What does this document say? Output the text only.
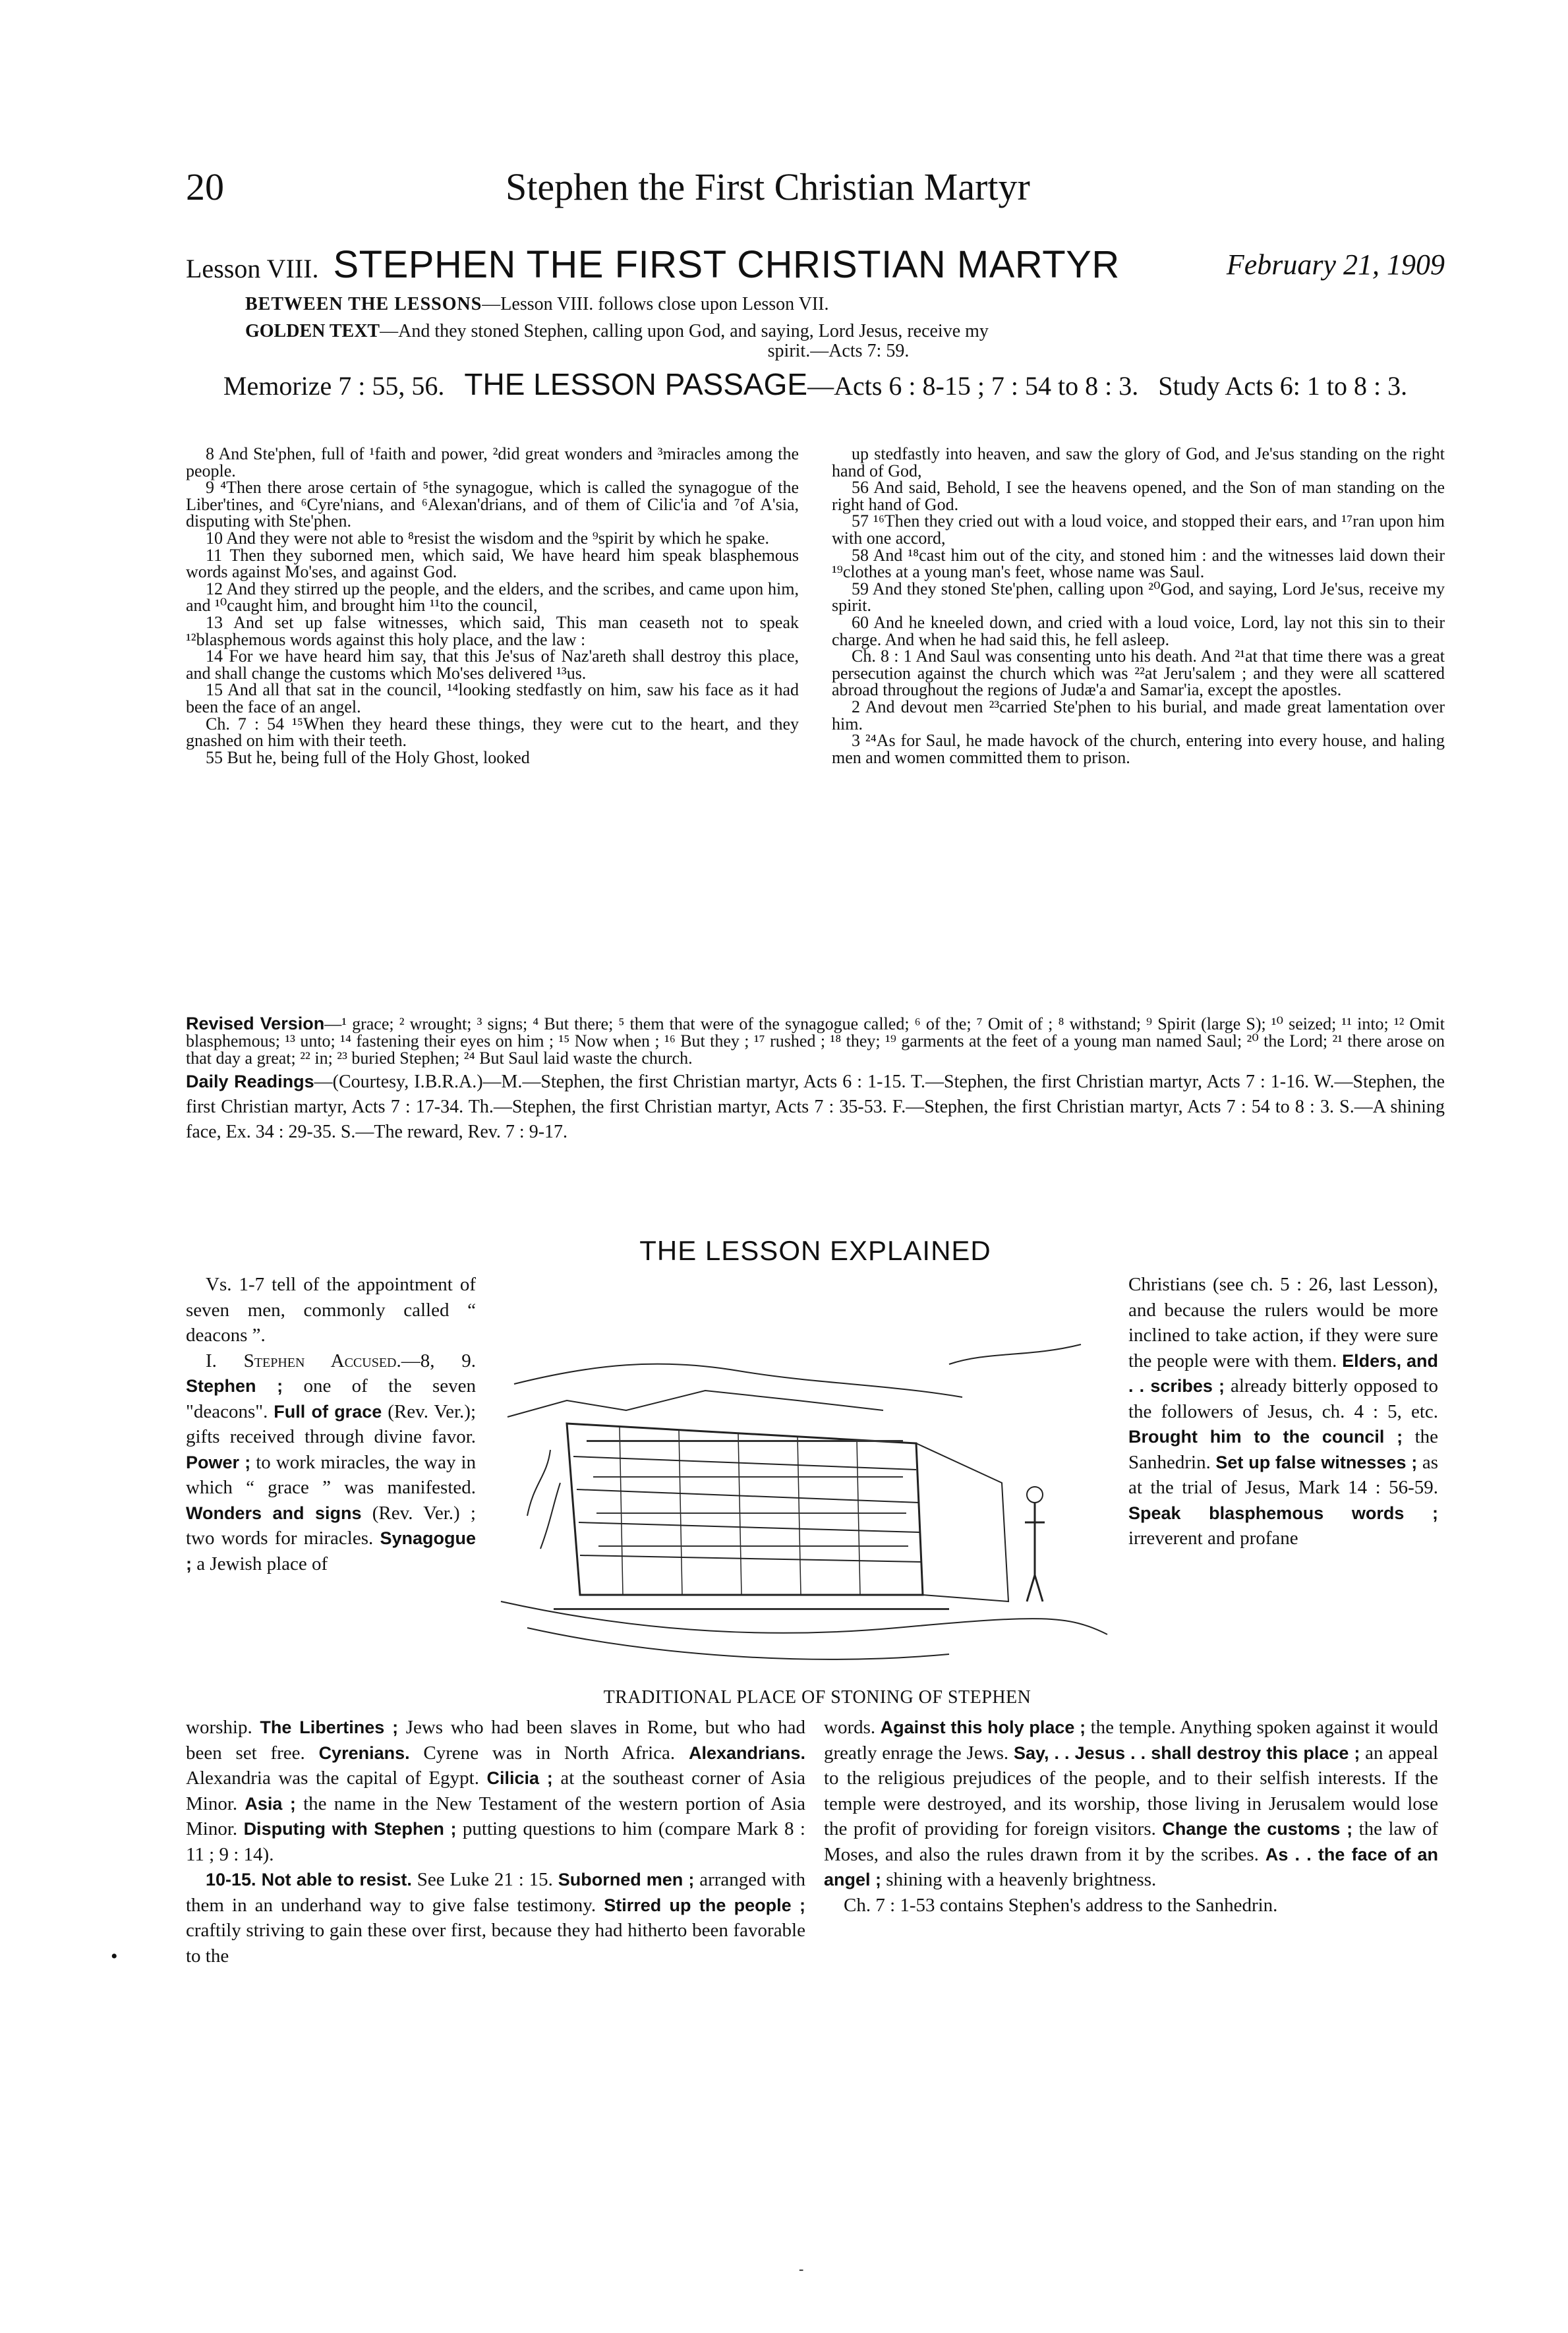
20	Stephen the First Christian Martyr
Lesson VIII. STEPHEN THE FIRST CHRISTIAN MARTYR	February 21, 1909
BETWEEN THE LESSONS—Lesson VIII. follows close upon Lesson VII.
GOLDEN TEXT—And they stoned Stephen, calling upon God, and saying, Lord Jesus, receive my
spirit.—Acts 7: 59.
Memorize 7 : 55, 56. THE LESSON PASSAGE—Acts 6 : 8-15 ; 7 : 54 to 8 : 3. Study Acts 6: 1 to 8 : 3.

8 And Ste'phen, full of ¹faith and power, ²did great wonders and ³miracles among the people.

9 ⁴Then there arose certain of ⁵the synagogue, which is called the synagogue of the Liber'tines, and ⁶Cyre'nians, and ⁶Alexan'drians, and of them of Cilic'ia and ⁷of A'sia, disputing with Ste'phen.

10 And they were not able to ⁸resist the wisdom and the ⁹spirit by which he spake.

11 Then they suborned men, which said, We have heard him speak blasphemous words against Mo'ses, and against God.

12 And they stirred up the people, and the elders, and the scribes, and came upon him, and ¹⁰caught him, and brought him ¹¹to the council,

13 And set up false witnesses, which said, This man ceaseth not to speak ¹²blasphemous words against this holy place, and the law :

14 For we have heard him say, that this Je'sus of Naz'areth shall destroy this place, and shall change the customs which Mo'ses delivered ¹³us.

15 And all that sat in the council, ¹⁴looking stedfastly on him, saw his face as it had been the face of an angel.

Ch. 7 : 54 ¹⁵When they heard these things, they were cut to the heart, and they gnashed on him with their teeth.

55 But he, being full of the Holy Ghost, looked

up stedfastly into heaven, and saw the glory of God, and Je'sus standing on the right hand of God,

56 And said, Behold, I see the heavens opened, and the Son of man standing on the right hand of God.

57 ¹⁶Then they cried out with a loud voice, and stopped their ears, and ¹⁷ran upon him with one accord,

58 And ¹⁸cast him out of the city, and stoned him : and the witnesses laid down their ¹⁹clothes at a young man's feet, whose name was Saul.

59 And they stoned Ste'phen, calling upon ²⁰God, and saying, Lord Je'sus, receive my spirit.

60 And he kneeled down, and cried with a loud voice, Lord, lay not this sin to their charge. And when he had said this, he fell asleep.

Ch. 8 : 1 And Saul was consenting unto his death. And ²¹at that time there was a great persecution against the church which was ²²at Jeru'salem ; and they were all scattered abroad throughout the regions of Judæ'a and Samar'ia, except the apostles.

2 And devout men ²³carried Ste'phen to his burial, and made great lamentation over him.

3 ²⁴As for Saul, he made havock of the church, entering into every house, and haling men and women committed them to prison.

Revised Version—¹ grace; ² wrought; ³ signs; ⁴ But there; ⁵ them that were of the synagogue called; ⁶ of the; ⁷ Omit of ; ⁸ withstand; ⁹ Spirit (large S); ¹⁰ seized; ¹¹ into; ¹² Omit blasphemous; ¹³ unto; ¹⁴ fastening their eyes on him ; ¹⁵ Now when ; ¹⁶ But they ; ¹⁷ rushed ; ¹⁸ they; ¹⁹ garments at the feet of a young man named Saul; ²⁰ the Lord; ²¹ there arose on that day a great; ²² in; ²³ buried Stephen; ²⁴ But Saul laid waste the church.
Daily Readings—(Courtesy, I.B.R.A.)—M.—Stephen, the first Christian martyr, Acts 6 : 1-15. T.—Stephen, the first Christian martyr, Acts 7 : 1-16. W.—Stephen, the first Christian martyr, Acts 7 : 17-34. Th.—Stephen, the first Christian martyr, Acts 7 : 35-53. F.—Stephen, the first Christian martyr, Acts 7 : 54 to 8 : 3. S.—A shining face, Ex. 34 : 29-35. S.—The reward, Rev. 7 : 9-17.
THE LESSON EXPLAINED

Vs. 1-7 tell of the appointment of seven men, commonly called “ deacons ”.

I. Stephen Accused.—8, 9. Stephen ; one of the seven "deacons". Full of grace (Rev. Ver.); gifts received through divine favor. Power ; to work miracles, the way in which “ grace ” was manifested. Wonders and signs (Rev. Ver.) ; two words for miracles. Synagogue ; a Jewish place of

TRADITIONAL PLACE OF STONING OF STEPHEN

Christians (see ch. 5 : 26, last Lesson), and because the rulers would be more inclined to take action, if they were sure the people were with them. Elders, and . . scribes ; already bitterly opposed to the followers of Jesus, ch. 4 : 5, etc. Brought him to the council ; the Sanhedrin. Set up false witnesses ; as at the trial of Jesus, Mark 14 : 56-59. Speak blasphemous words ; irreverent and profane

worship. The Libertines ; Jews who had been slaves in Rome, but who had been set free. Cyrenians. Cyrene was in North Africa. Alexandrians. Alexandria was the capital of Egypt. Cilicia ; at the southeast corner of Asia Minor. Asia ; the name in the New Testament of the western portion of Asia Minor. Disputing with Stephen ; putting questions to him (compare Mark 8 : 11 ; 9 : 14).

10-15. Not able to resist. See Luke 21 : 15. Suborned men ; arranged with them in an underhand way to give false testimony. Stirred up the people ; craftily striving to gain these over first, because they had hitherto been favorable to the

words. Against this holy place ; the temple. Anything spoken against it would greatly enrage the Jews. Say, . . Jesus . . shall destroy this place ; an appeal to the religious prejudices of the people, and to their selfish interests. If the temple were destroyed, and its worship, those living in Jerusalem would lose the profit of providing for foreign visitors. Change the customs ; the law of Moses, and also the rules drawn from it by the scribes. As . . the face of an angel ; shining with a heavenly brightness.

Ch. 7 : 1-53 contains Stephen's address to the Sanhedrin.

•
-
